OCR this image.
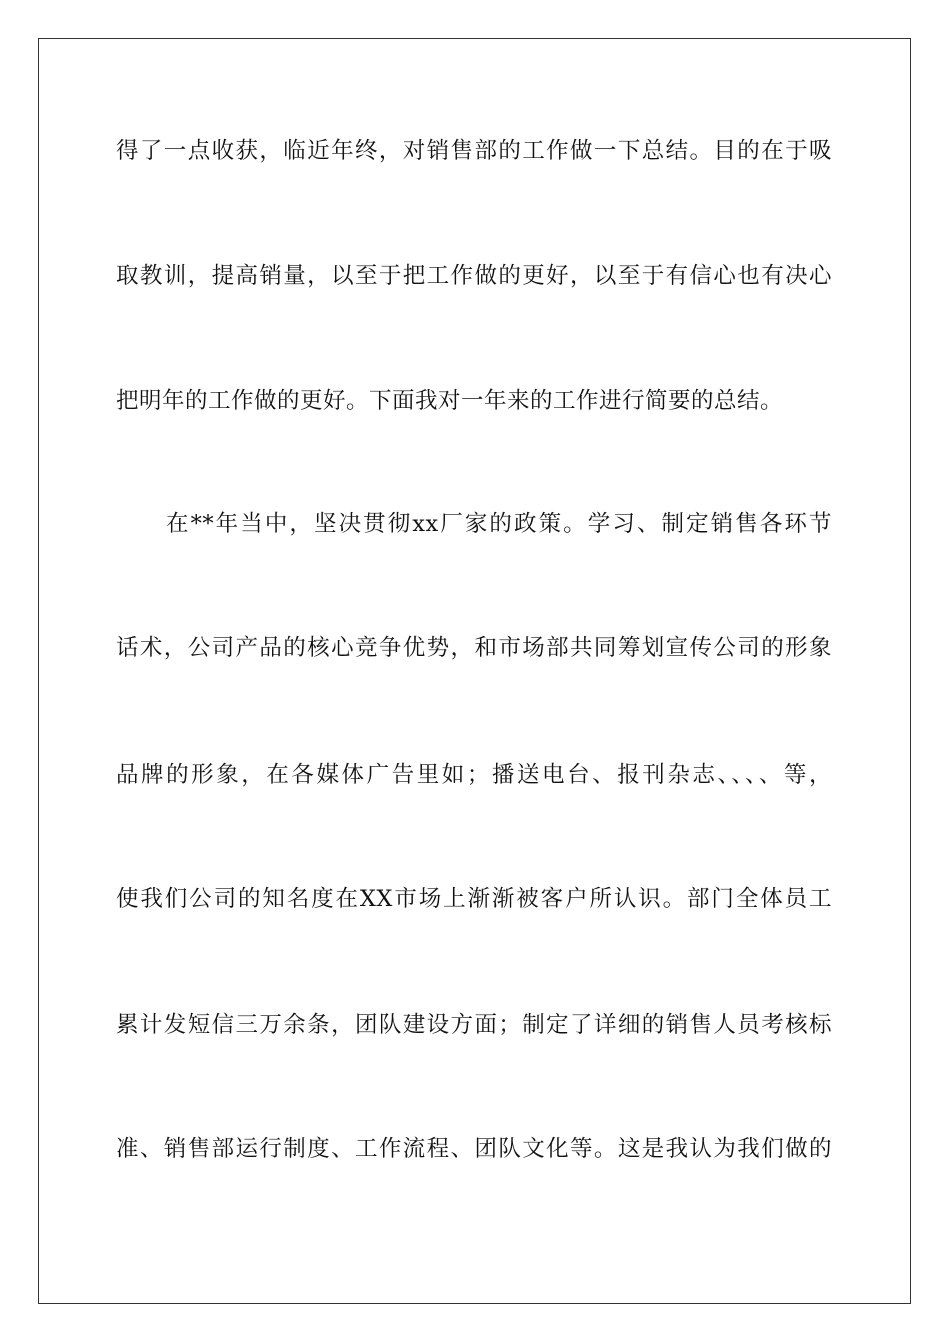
得了一点收获，临近年终，对销售部的工作做一下总结。目的在于吸
取教训，提高销量，以至于把工作做的更好，以至于有信心也有决心
把明年的工作做的更好。下面我对一年来的工作进行简要的总结。
在**年当中，坚决贯彻xx厂家的政策。学习、制定销售各环节
话术，公司产品的核心竞争优势，和市场部共同筹划宣传公司的形象
品牌的形象，在各媒体广告里如；播送电台、报刊杂志、、、、等，
使我们公司的知名度在XX市场上渐渐被客户所认识。部门全体员工
累计发短信三万余条，团队建设方面；制定了详细的销售人员考核标
准、销售部运行制度、工作流程、团队文化等。这是我认为我们做的
